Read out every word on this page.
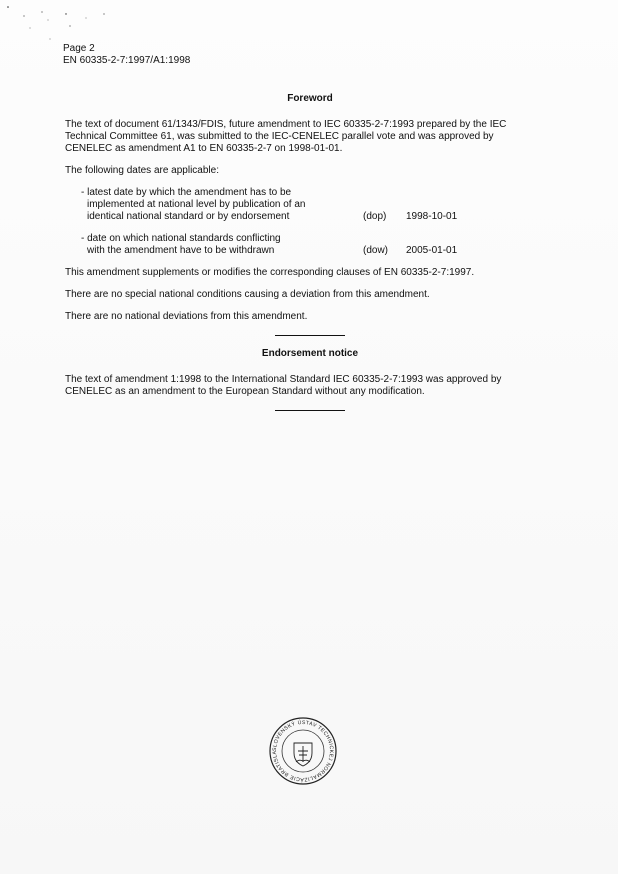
Page 2
EN 60335-2-7:1997/A1:1998
Foreword

The text of document 61/1343/FDIS, future amendment to IEC 60335-2-7:1993 prepared by the IEC Technical Committee 61, was submitted to the IEC-CENELEC parallel vote and was approved by CENELEC as amendment A1 to EN 60335-2-7 on 1998-01-01.

The following dates are applicable:

- latest date by which the amendment has to be
implemented at national level by publication of an
identical national standard or by endorsement	(dop) 1998-10-01
- date on which national standards conflicting
with the amendment have to be withdrawn	(dow) 2005-01-01

This amendment supplements or modifies the corresponding clauses of EN 60335-2-7:1997.

There are no special national conditions causing a deviation from this amendment.

There are no national deviations from this amendment.

Endorsement notice

The text of amendment 1:1998 to the International Standard IEC 60335-2-7:1993 was approved by CENELEC as an amendment to the European Standard without any modification.

SLOVENSKÝ ÚSTAV TECHNICKEJ NORMALIZÁCIE BRATISLA
